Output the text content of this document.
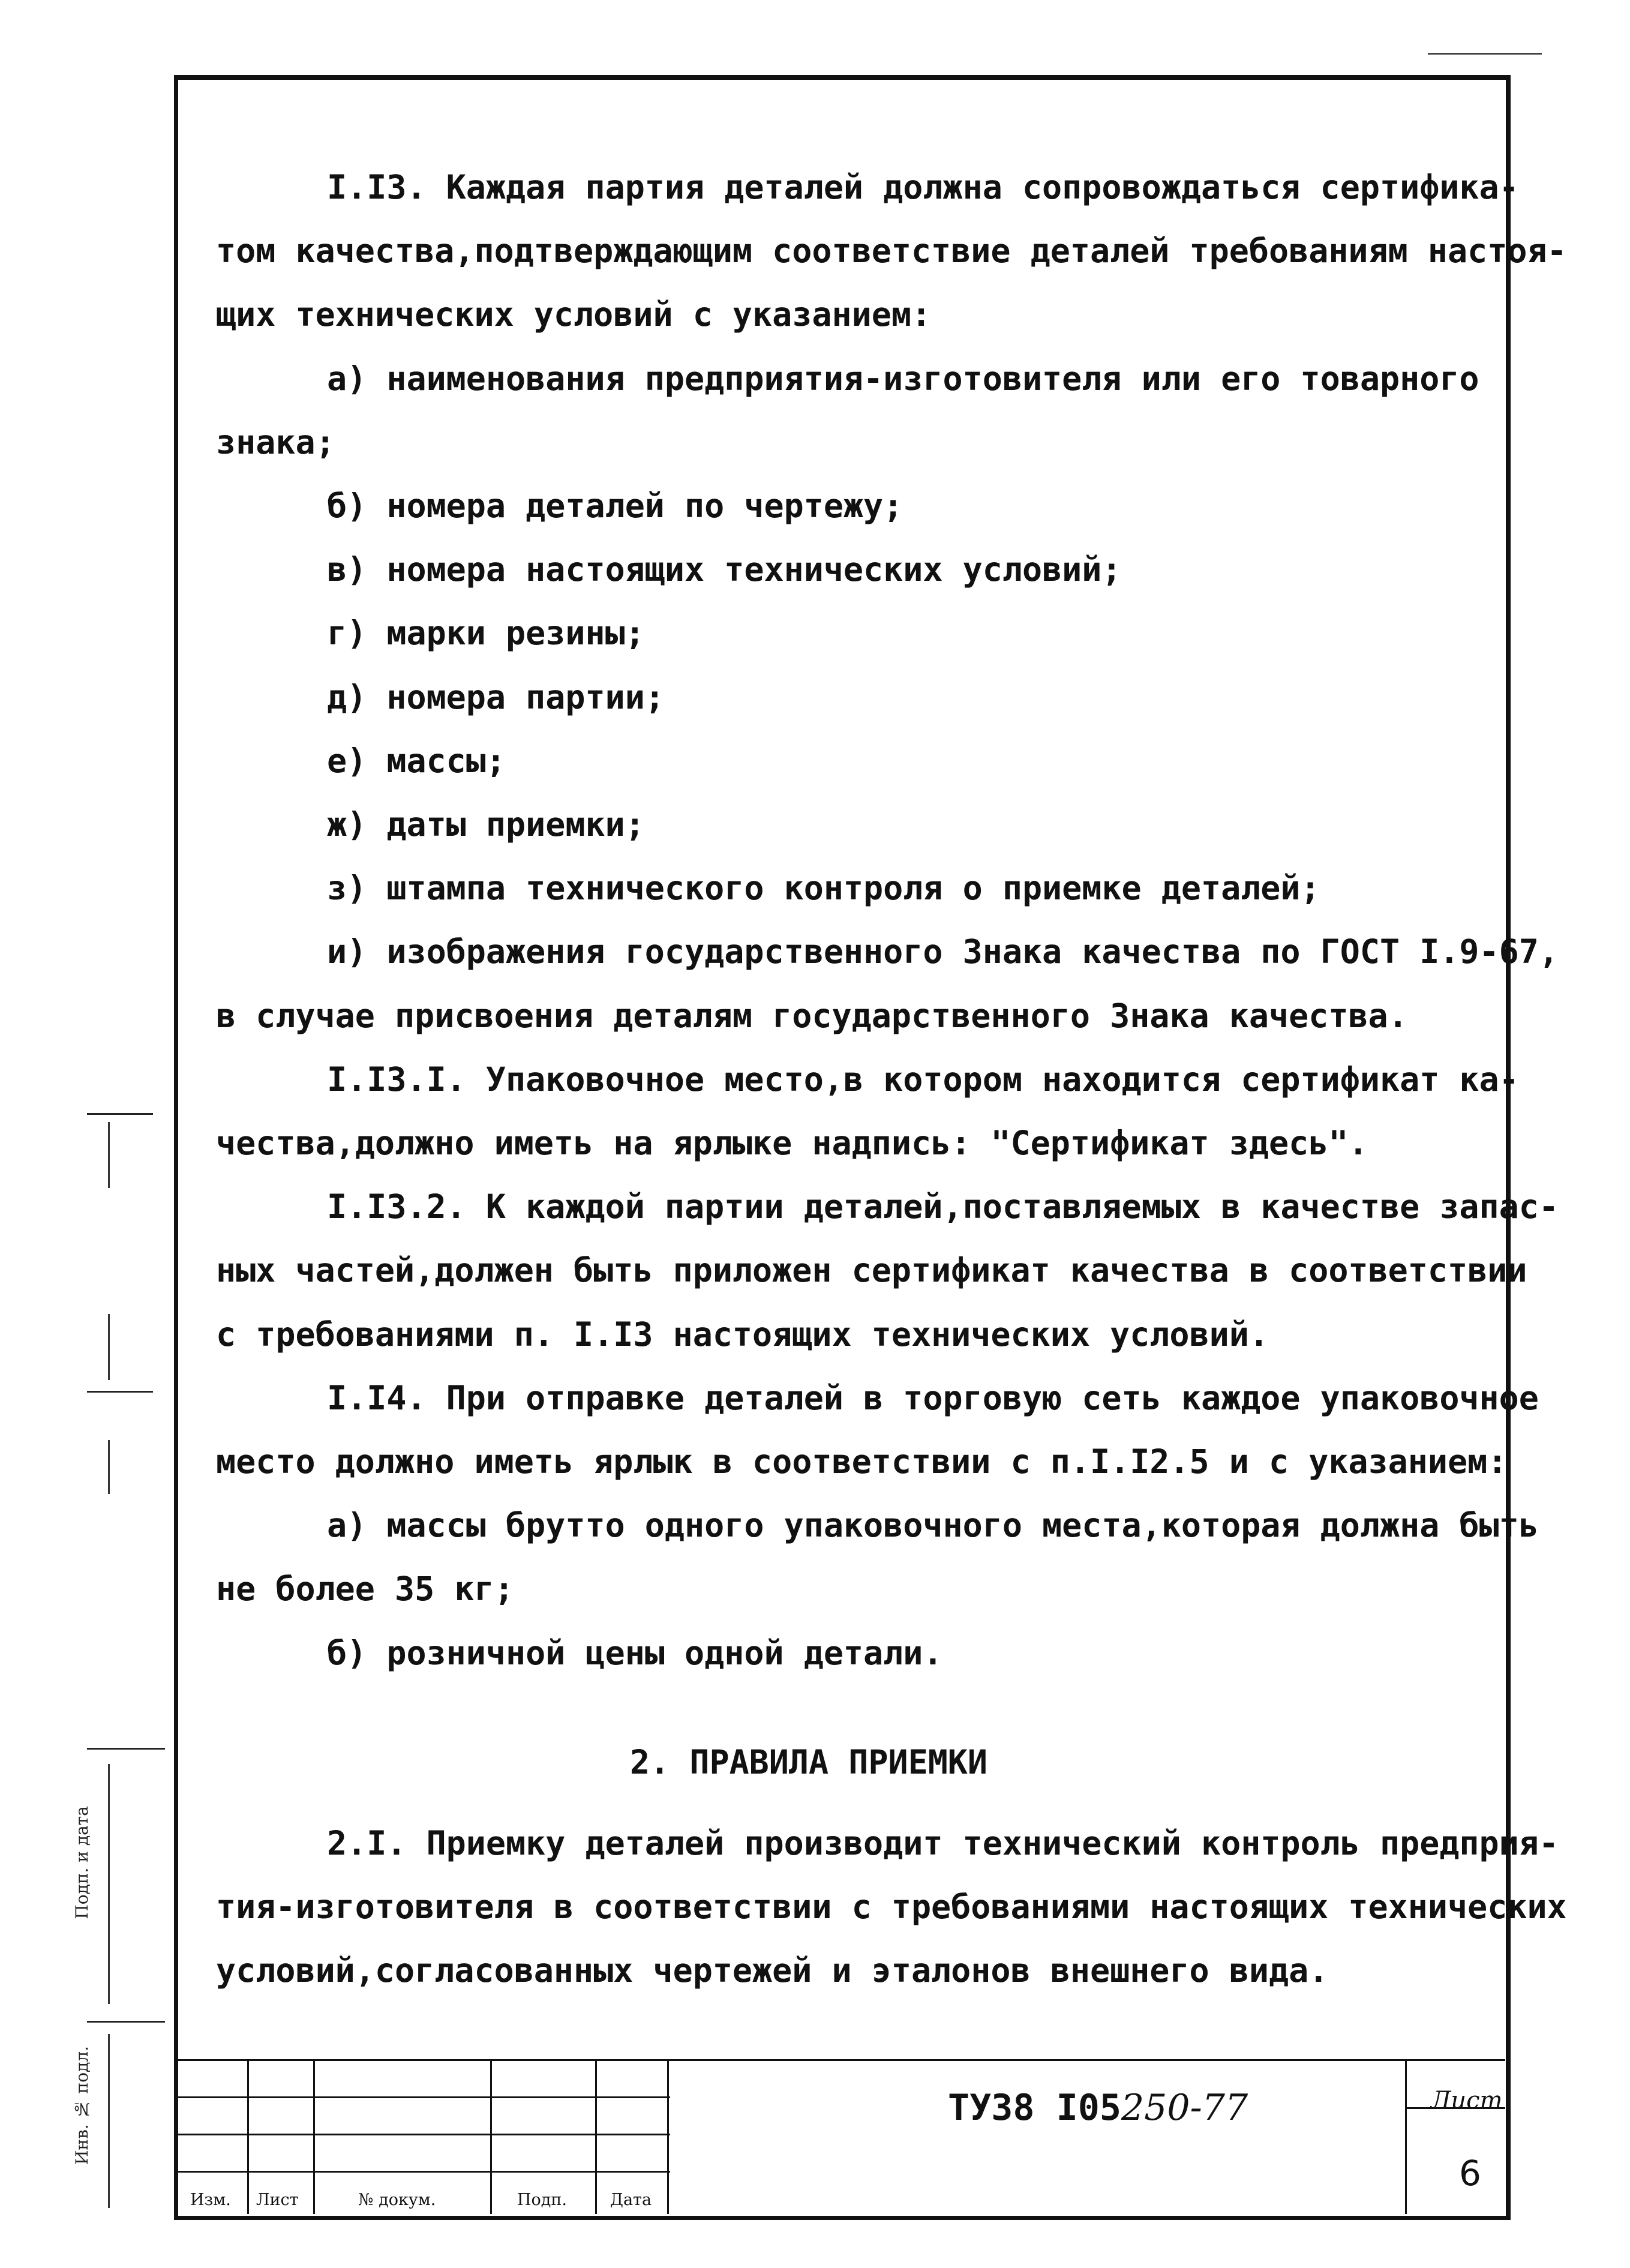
Подп. и дата
Инв. № подл.
I.I3. Каждая партия деталей должна сопровождаться сертифика-
том качества,подтверждающим соответствие деталей требованиям настоя-
щих технических условий с указанием:
а) наименования предприятия-изготовителя или его товарного
знака;
б) номера деталей по чертежу;
в) номера настоящих технических условий;
г) марки резины;
д) номера партии;
е) массы;
ж) даты приемки;
з) штампа технического контроля о приемке деталей;
и) изображения государственного Знака качества по ГОСТ I.9-67,
в случае присвоения деталям государственного Знака качества.
I.I3.I. Упаковочное место,в котором находится сертификат ка-
чества,должно иметь на ярлыке надпись: "Сертификат здесь".
I.I3.2. К каждой партии деталей,поставляемых в качестве запас-
ных частей,должен быть приложен сертификат качества в соответствии
с требованиями п. I.I3 настоящих технических условий.
I.I4. При отправке деталей в торговую сеть каждое упаковочное
место должно иметь ярлык в соответствии с п.I.I2.5 и с указанием:
а) массы брутто одного упаковочного места,которая должна быть
не более 35 кг;
б) розничной цены одной детали.
2. ПРАВИЛА ПРИЕМКИ
2.I. Приемку деталей производит технический контроль предприя-
тия-изготовителя в соответствии с требованиями настоящих технических
условий,согласованных чертежей и эталонов внешнего вида.
Изм. Лист	№ докум.	Подп.	Дата
ТУ38 I05250-77	Лист
6
